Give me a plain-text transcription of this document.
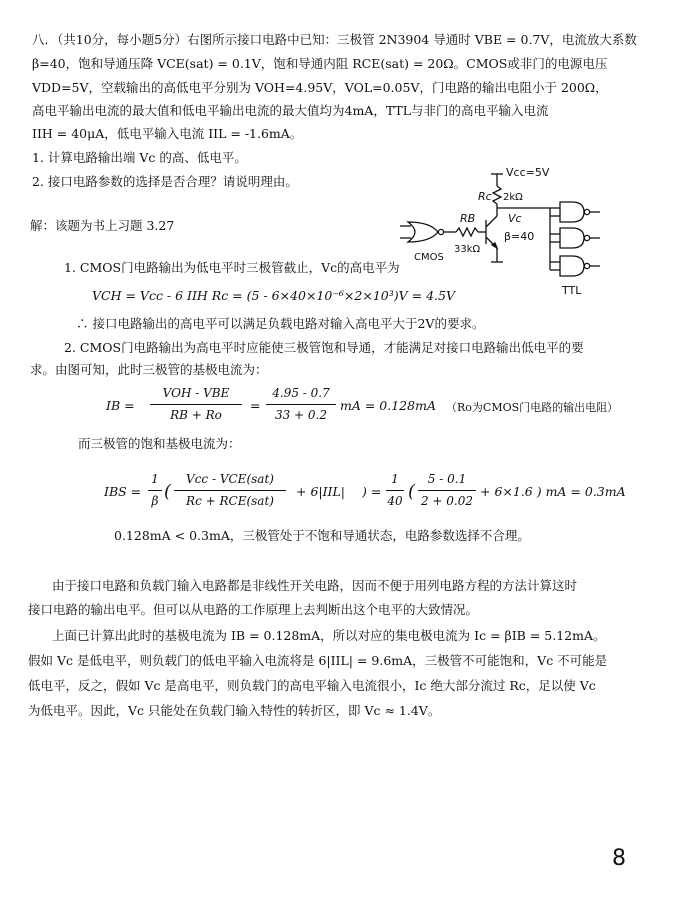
八．（共10分，每小题5分）右图所示接口电路中已知：三极管 2N3904 导通时 VBE = 0.7V，电流放大系数
β=40，饱和导通压降 VCE(sat) = 0.1V，饱和导通内阻 RCE(sat) = 20Ω。CMOS或非门的电源电压
VDD=5V，空载输出的高低电平分别为 VOH=4.95V，VOL=0.05V，门电路的输出电阻小于 200Ω，
高电平输出电流的最大值和低电平输出电流的最大值均为4mA，TTL与非门的高电平输入电流
IIH = 40μA，低电平输入电流 IIL = -1.6mA。
1. 计算电路输出端 Vc 的高、低电平。
2. 接口电路参数的选择是否合理？请说明理由。
Vcc=5V
Rc 2kΩ
RB
33kΩ
Vc
β=40
CMOS
TTL
解：该题为书上习题 3.27
1. CMOS门电路输出为低电平时三极管截止，Vc的高电平为
VCH = Vcc - 6 IIH Rc = (5 - 6×40×10⁻⁶×2×10³)V = 4.5V
∴ 接口电路输出的高电平可以满足负载电路对输入高电平大于2V的要求。
2. CMOS门电路输出为高电平时应能使三极管饱和导通，才能满足对接口电路输出低电平的要
求。由图可知，此时三极管的基极电流为：
IB =
VOH - VBE
RB + Ro
=
4.95 - 0.7
33 + 0.2
mA = 0.128mA （Ro为CMOS门电路的输出电阻）
而三极管的饱和基极电流为：
IBS =
1
β (
Vcc - VCE(sat)
Rc + RCE(sat)
+ 6|IIL| ) =
1
40 (
5 - 0.1
2 + 0.02
+ 6×1.6 ) mA = 0.3mA
0.128mA < 0.3mA，三极管处于不饱和导通状态，电路参数选择不合理。
由于接口电路和负载门输入电路都是非线性开关电路，因而不便于用列电路方程的方法计算这时
接口电路的输出电平。但可以从电路的工作原理上去判断出这个电平的大致情况。
上面已计算出此时的基极电流为 IB = 0.128mA，所以对应的集电极电流为 Ic = βIB = 5.12mA。
假如 Vc 是低电平，则负载门的低电平输入电流将是 6|IIL| = 9.6mA，三极管不可能饱和，Vc 不可能是
低电平，反之，假如 Vc 是高电平，则负载门的高电平输入电流很小，Ic 绝大部分流过 Rc，足以使 Vc
为低电平。因此，Vc 只能处在负载门输入特性的转折区，即 Vc ≈ 1.4V。
8
